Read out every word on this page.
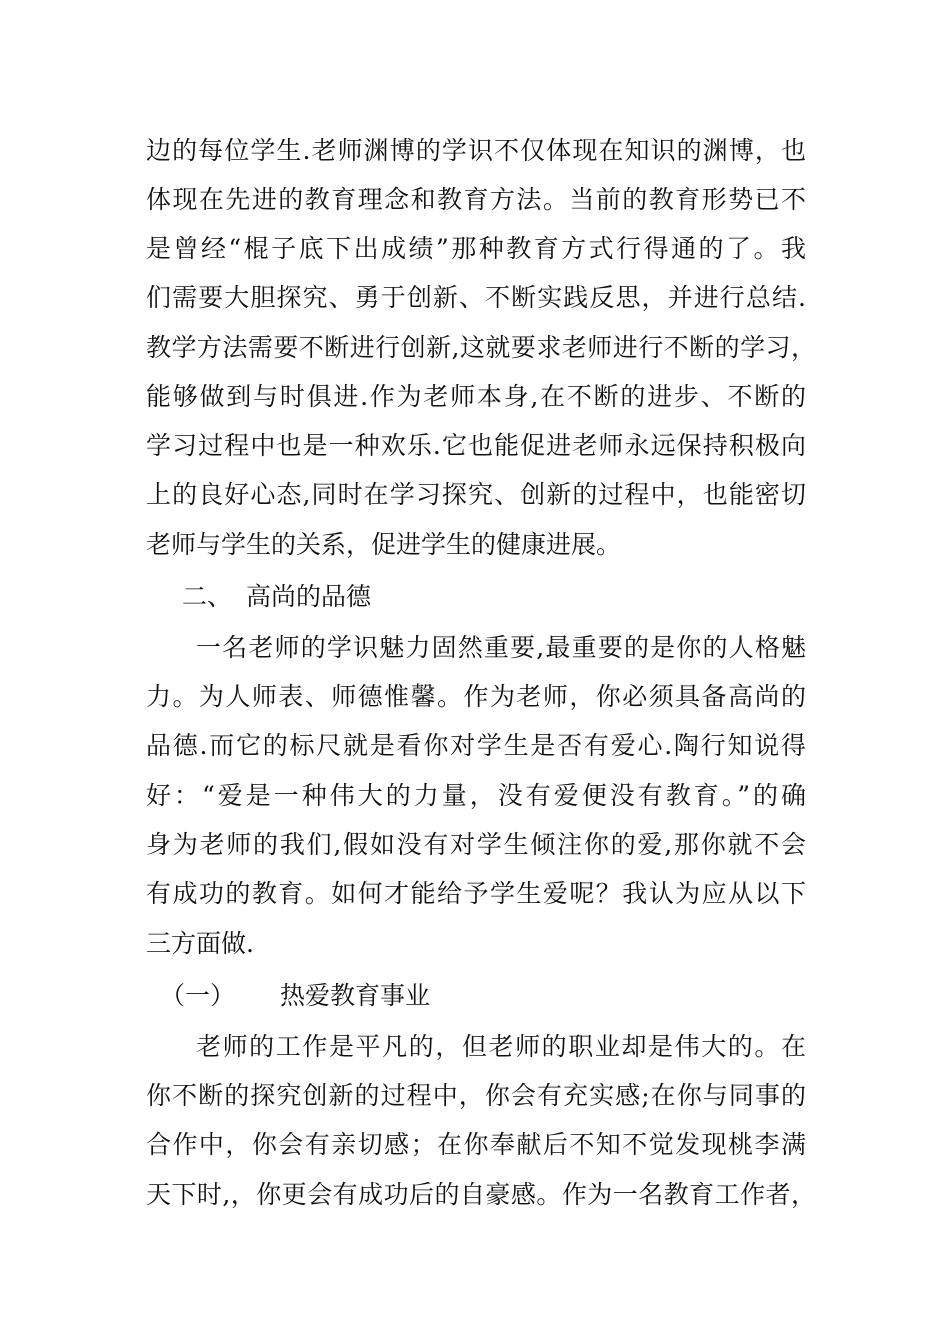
边的每位学生.老师渊博的学识不仅体现在知识的渊博，也
体现在先进的教育理念和教育方法。当前的教育形势已不
是曾经“棍子底下出成绩”那种教育方式行得通的了。我
们需要大胆探究、勇于创新、不断实践反思，并进行总结.
教学方法需要不断进行创新,这就要求老师进行不断的学习，
能够做到与时俱进.作为老师本身,在不断的进步、不断的
学习过程中也是一种欢乐.它也能促进老师永远保持积极向
上的良好心态,同时在学习探究、创新的过程中，也能密切
老师与学生的关系，促进学生的健康进展。
二、 高尚的品德
一名老师的学识魅力固然重要,最重要的是你的人格魅
力。为人师表、师德惟馨。作为老师，你必须具备高尚的
品德.而它的标尺就是看你对学生是否有爱心.陶行知说得
好：“爱是一种伟大的力量，没有爱便没有教育。”的确
身为老师的我们,假如没有对学生倾注你的爱,那你就不会
有成功的教育。如何才能给予学生爱呢？我认为应从以下
三方面做.
（一） 热爱教育事业
老师的工作是平凡的，但老师的职业却是伟大的。在
你不断的探究创新的过程中，你会有充实感;在你与同事的
合作中，你会有亲切感；在你奉献后不知不觉发现桃李满
天下时,，你更会有成功后的自豪感。作为一名教育工作者，
